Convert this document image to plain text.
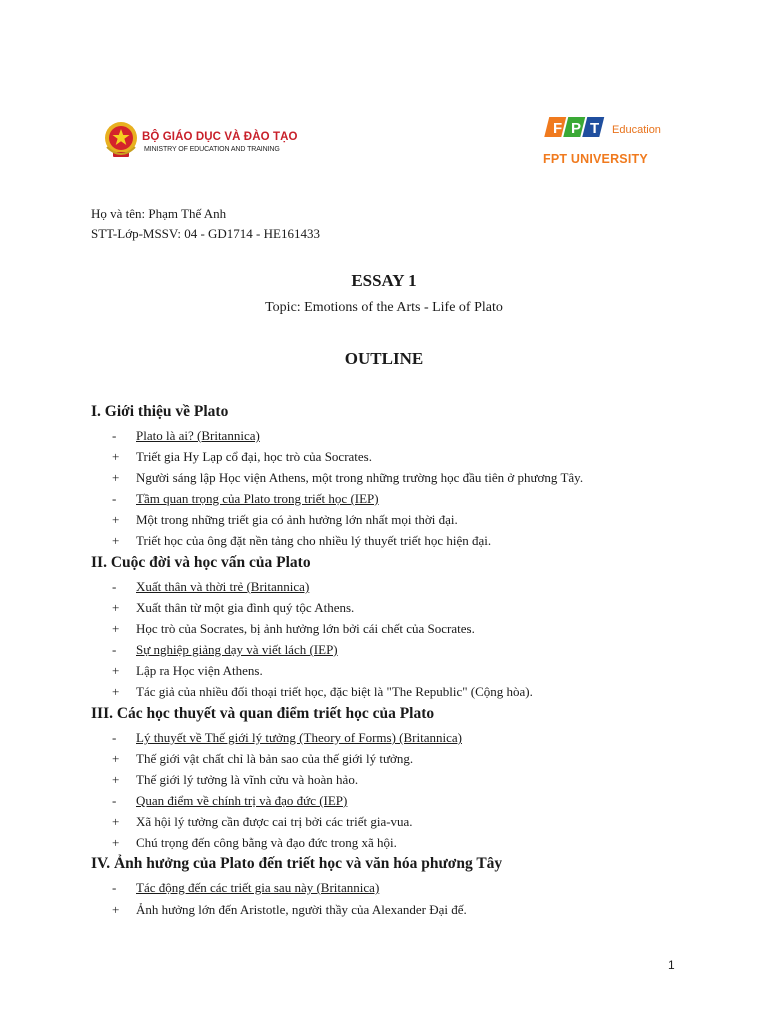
BỘ GIÁO DỤC VÀ ĐÀO TẠO
MINISTRY OF EDUCATION AND TRAINING
F P T Education
FPT UNIVERSITY
Họ và tên: Phạm Thế Anh
STT-Lớp-MSSV: 04 - GD1714 - HE161433
ESSAY 1
Topic: Emotions of the Arts - Life of Plato
OUTLINE
I. Giới thiệu về Plato
- Plato là ai? (Britannica)
+ Triết gia Hy Lạp cổ đại, học trò của Socrates.
+ Người sáng lập Học viện Athens, một trong những trường học đầu tiên ở phương Tây.
- Tầm quan trọng của Plato trong triết học (IEP)
+ Một trong những triết gia có ảnh hưởng lớn nhất mọi thời đại.
+ Triết học của ông đặt nền tảng cho nhiều lý thuyết triết học hiện đại.
II. Cuộc đời và học vấn của Plato
- Xuất thân và thời trẻ (Britannica)
+ Xuất thân từ một gia đình quý tộc Athens.
+ Học trò của Socrates, bị ảnh hưởng lớn bởi cái chết của Socrates.
- Sự nghiệp giảng dạy và viết lách (IEP)
+ Lập ra Học viện Athens.
+ Tác giả của nhiều đối thoại triết học, đặc biệt là "The Republic" (Cộng hòa).
III. Các học thuyết và quan điểm triết học của Plato
- Lý thuyết về Thế giới lý tưởng (Theory of Forms) (Britannica)
+ Thế giới vật chất chỉ là bản sao của thế giới lý tưởng.
+ Thế giới lý tưởng là vĩnh cửu và hoàn hảo.
- Quan điểm về chính trị và đạo đức (IEP)
+ Xã hội lý tưởng cần được cai trị bởi các triết gia-vua.
+ Chú trọng đến công bằng và đạo đức trong xã hội.
IV. Ảnh hưởng của Plato đến triết học và văn hóa phương Tây
- Tác động đến các triết gia sau này (Britannica)
+ Ảnh hưởng lớn đến Aristotle, người thầy của Alexander Đại đế.
1
